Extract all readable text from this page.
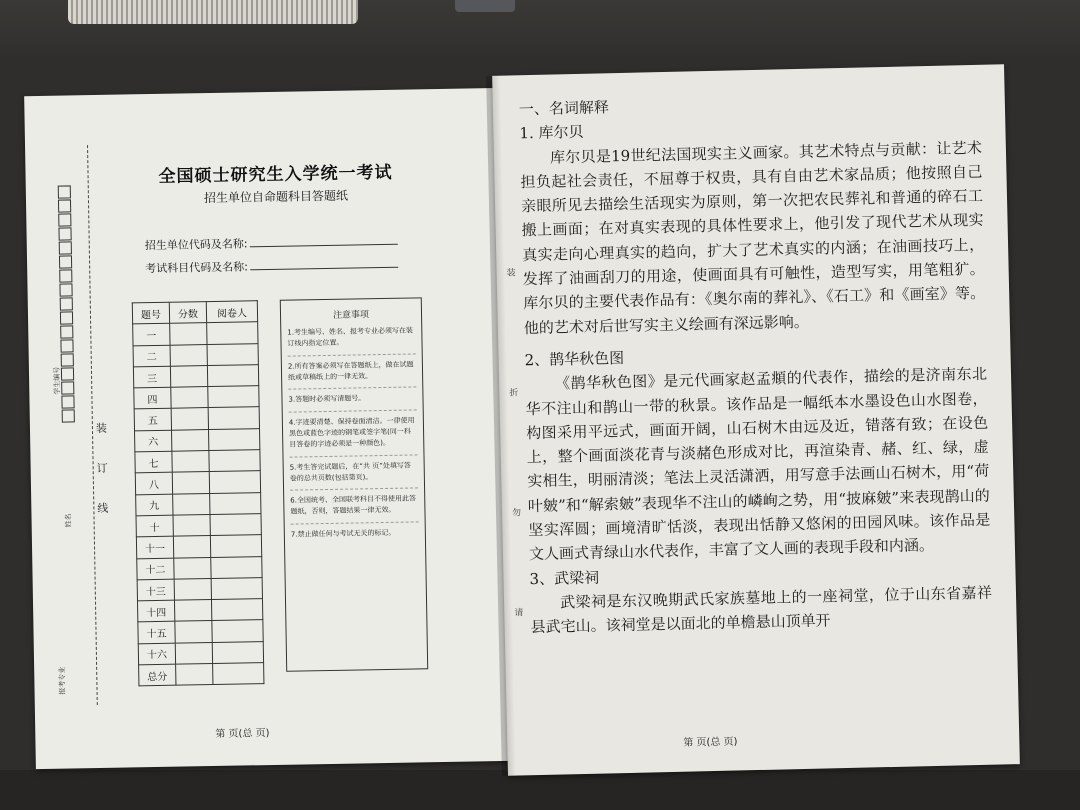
学生编号
姓名
报考专业
装
订
线
全国硕士研究生入学统一考试
招生单位自命题科目答题纸
招生单位代码及名称:
考试科目代码及名称:
题号	分数	阅卷人
一		
二		
三		
四		
五		
六		
七		
八		
九		
十		
十一		
十二		
十三		
十四		
十五		
十六		
总分		
注意事项
1.考生编号、姓名、报考专业必须写在装订线内指定位置。
2.所有答案必须写在答题纸上，做在试题纸或草稿纸上的一律无效。
3.答题时必须写清题号。
4.字迹要清楚、保持卷面清洁。一律使用黑色或蓝色字迹的钢笔或签字笔(同一科目答卷的字迹必须是一种颜色)。
5.考生答完试题后，在“共 页”处填写答卷的总共页数(包括第页)。
6.全国统考、全国联考科目不得使用此答题纸，否则，答题结果一律无效。
7.禁止做任何与考试无关的标记。
第 页(总 页)
装
折
勿
请

一、名词解释

1. 库尔贝

库尔贝是19世纪法国现实主义画家。其艺术特点与贡献：让艺术担负起社会责任，不屈尊于权贵，具有自由艺术家品质；他按照自己亲眼所见去描绘生活现实为原则，第一次把农民葬礼和普通的碎石工搬上画面；在对真实表现的具体性要求上，他引发了现代艺术从现实真实走向心理真实的趋向，扩大了艺术真实的内涵；在油画技巧上，发挥了油画刮刀的用途，使画面具有可触性，造型写实，用笔粗犷。库尔贝的主要代表作品有：《奥尔南的葬礼》、《石工》和《画室》等。他的艺术对后世写实主义绘画有深远影响。

2、鹊华秋色图

《鹊华秋色图》是元代画家赵孟頫的代表作，描绘的是济南东北华不注山和鹊山一带的秋景。该作品是一幅纸本水墨设色山水图卷，构图采用平远式，画面开阔，山石树木由远及近，错落有致；在设色上，整个画面淡花青与淡赭色形成对比，再渲染青、赭、红、绿，虚实相生，明丽清淡；笔法上灵活潇洒，用写意手法画山石树木，用“荷叶皴”和“解索皴”表现华不注山的嶙峋之势，用“披麻皴”来表现鹊山的坚实浑圆；画境清旷恬淡，表现出恬静又悠闲的田园风味。该作品是文人画式青绿山水代表作，丰富了文人画的表现手段和内涵。

3、武梁祠

武梁祠是东汉晚期武氏家族墓地上的一座祠堂，位于山东省嘉祥县武宅山。该祠堂是以面北的单檐悬山顶单开

第 页(总 页)
